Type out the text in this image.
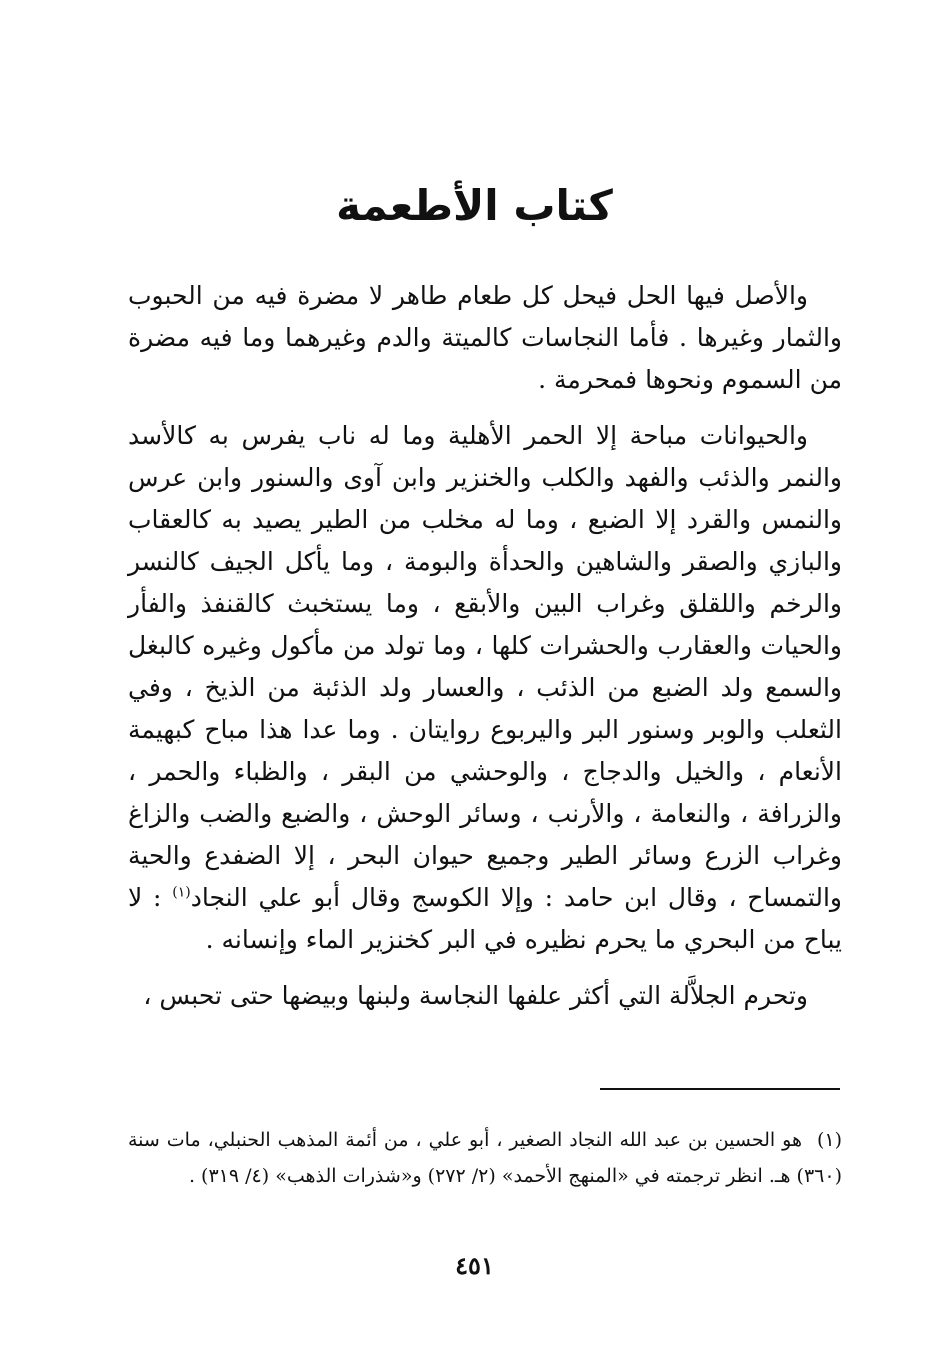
كتاب الأطعمة

والأصل فيها الحل فيحل كل طعام طاهر لا مضرة فيه من الحبوب والثمار وغيرها . فأما النجاسات كالميتة والدم وغيرهما وما فيه مضرة من السموم ونحوها فمحرمة .

والحيوانات مباحة إلا الحمر الأهلية وما له ناب يفرس به كالأسد والنمر والذئب والفهد والكلب والخنزير وابن آوى والسنور وابن عرس والنمس والقرد إلا الضبع ، وما له مخلب من الطير يصيد به كالعقاب والبازي والصقر والشاهين والحدأة والبومة ، وما يأكل الجيف كالنسر والرخم واللقلق وغراب البين والأبقع ، وما يستخبث كالقنفذ والفأر والحيات والعقارب والحشرات كلها ، وما تولد من مأكول وغيره كالبغل والسمع ولد الضبع من الذئب ، والعسار ولد الذئبة من الذيخ ، وفي الثعلب والوبر وسنور البر واليربوع روايتان . وما عدا هذا مباح كبهيمة الأنعام ، والخيل والدجاج ، والوحشي من البقر ، والظباء والحمر ، والزرافة ، والنعامة ، والأرنب ، وسائر الوحش ، والضبع والضب والزاغ وغراب الزرع وسائر الطير وجميع حيوان البحر ، إلا الضفدع والحية والتمساح ، وقال ابن حامد : وإلا الكوسج وقال أبو علي النجاد$^{(١)}$ : لا يباح من البحري ما يحرم نظيره في البر كخنزير الماء وإنسانه .

وتحرم الجلاَّلة التي أكثر علفها النجاسة ولبنها وبيضها حتى تحبس ،

(١) هو الحسين بن عبد الله النجاد الصغير ، أبو علي ، من أئمة المذهب الحنبلي، مات سنة (٣٦٠) هـ. انظر ترجمته في «المنهج الأحمد» (٢/ ٢٧٢) و«شذرات الذهب» (٤/ ٣١٩) .
٤٥١
